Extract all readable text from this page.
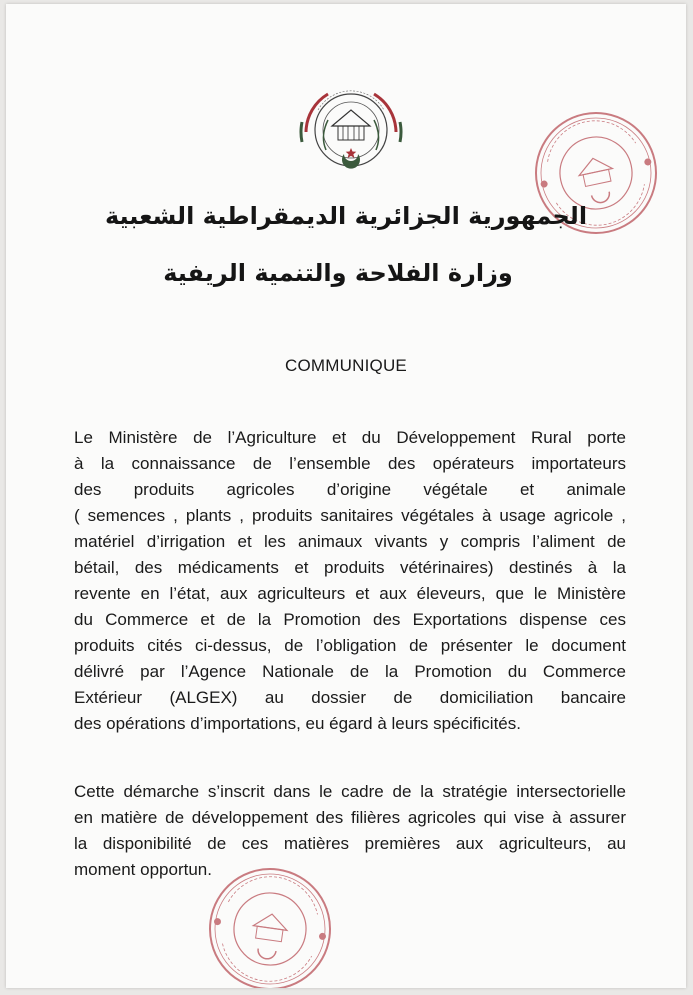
الجمهورية الجزائرية الديمقراطية الشعبية
وزارة الفلاحة والتنمية الريفية
COMMUNIQUE
Le Ministère de l’Agriculture et du Développement Rural porte
à la connaissance de l’ensemble des opérateurs importateurs
des produits agricoles d’origine végétale et animale
( semences , plants , produits sanitaires végétales à usage agricole ,
matériel d’irrigation et les animaux vivants y compris l’aliment de
bétail, des médicaments et produits vétérinaires) destinés à la
revente en l’état, aux agriculteurs et aux éleveurs, que le Ministère
du Commerce et de la Promotion des Exportations dispense ces
produits cités ci-dessus, de l’obligation de présenter le document
délivré par l’Agence Nationale de la Promotion du Commerce
Extérieur (ALGEX) au dossier de domiciliation bancaire
des opérations d’importations, eu égard à leurs spécificités.
Cette démarche s’inscrit dans le cadre de la stratégie intersectorielle
en matière de développement des filières agricoles qui vise à assurer
la disponibilité de ces matières premières aux agriculteurs, au
moment opportun.
